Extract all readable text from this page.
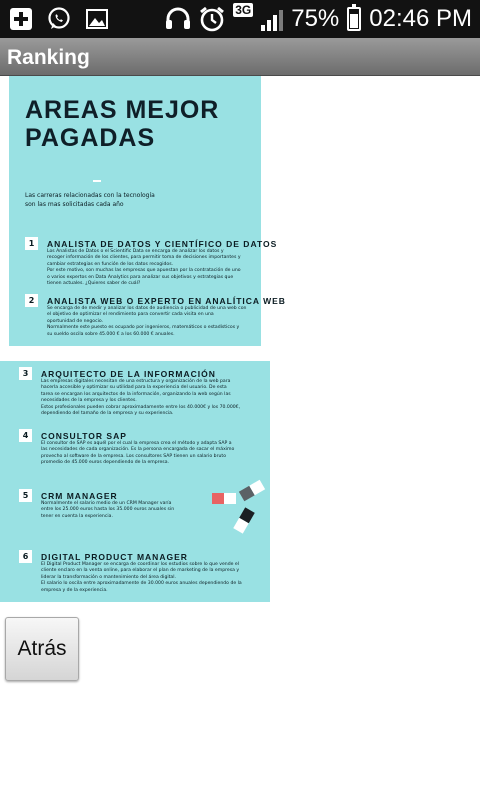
3G 75% 02:46 PM
Ranking
AREAS MEJOR
PAGADAS
Las carreras relacionadas con la tecnología
son las mas solicitadas cada año
1	ANALISTA DE DATOS Y CIENTÍFICO DE DATOS
Los Analistas de Datos o el Scientific Data se encarga de analizar los datos y
recoger información de los clientes, para permitir toma de decisiones importantes y
cambiar estrategias en función de los datos recogidos.
Por este motivo, son muchas las empresas que apuestan por la contratación de uno
o varios expertos en Data Analytics para analizar sus objetivos y estrategias que
tienen actuales. ¿Quieres saber de cuál?
2	ANALISTA WEB O EXPERTO EN ANALÍTICA WEB
Se encarga de de medir y analizar los datos de audiencia o publicidad de una web con
el objetivo de optimizar el rendimiento para convertir cada visita en una
oportunidad de negocio.
Normalmente este puesto es ocupado por ingenieros, matemáticos o estadísticos y
su sueldo oscila sobre 45.000 € a los 60.000 € anuales.
3	ARQUITECTO DE LA INFORMACIÓN
Las empresas digitales necesitan de una estructura y organización de la web para
hacerla accesible y optimizar su utilidad para la experiencia del usuario. De esta
tarea se encargan los arquitectos de la información, organizando la web según las
necesidades de la empresa y los clientes.
Estos profesionales pueden cobrar aproximadamente entre los 40.000€ y los 70.000€,
dependiendo del tamaño de la empresa y su experiencia.
4	CONSULTOR SAP
El consultor de SAP es aquél por el cual la empresa crea el método y adapta SAP a
las necesidades de cada organización. Es la persona encargada de sacar el máximo
provecho al software de la empresa. Los consultores SAP tienen un salario bruto
promedio de 45.000 euros dependiendo de la empresa.
5	CRM MANAGER
Normalmente el salario medio de un CRM Manager varía
entre los 25.000 euros hasta los 35.000 euros anuales sin
tener en cuenta la experiencia.
6	DIGITAL PRODUCT MANAGER
El Digital Product Manager se encarga de coordinar los estudios sobre lo que vende el
cliente enclaro en la venta online, para elaborar el plan de marketing de la empresa y
liderar la transformación o mantenimiento del área digital.
El salario lo oscila entre aproximadamente de 30.000 euros anuales dependiendo de la
empresa y de la experiencia.
Atrás
